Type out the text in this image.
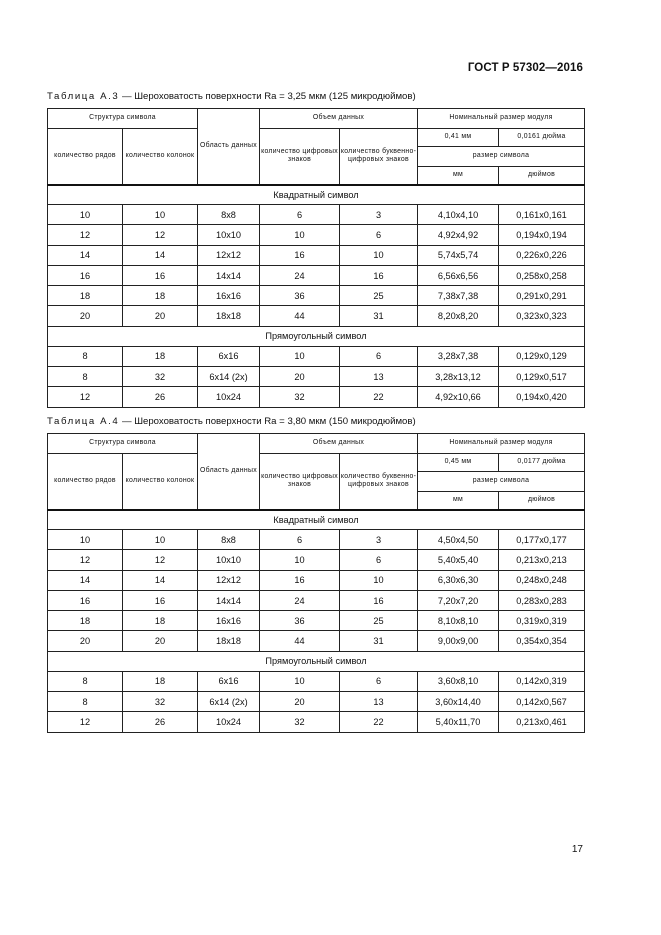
ГОСТ Р 57302—2016
Таблица А.3 — Шероховатость поверхности Ra = 3,25 мкм (125 микродюймов)
Структура символа		Область данных	Объем данных		Номинальный размер модуля	
количество рядов	количество колонок		количество цифровых знаков	количество буквенно-цифровых знаков	0,41 мм	0,0161 дюйма
					размер символа	
					мм	дюймов
Квадратный символ						
10	10	8x8	6	3	4,10x4,10	0,161x0,161
12	12	10x10	10	6	4,92x4,92	0,194x0,194
14	14	12x12	16	10	5,74x5,74	0,226x0,226
16	16	14x14	24	16	6,56x6,56	0,258x0,258
18	18	16x16	36	25	7,38x7,38	0,291x0,291
20	20	18x18	44	31	8,20x8,20	0,323x0,323
Прямоугольный символ						
8	18	6x16	10	6	3,28x7,38	0,129x0,129
8	32	6x14 (2x)	20	13	3,28x13,12	0,129x0,517
12	26	10x24	32	22	4,92x10,66	0,194x0,420
Таблица А.4 — Шероховатость поверхности Ra = 3,80 мкм (150 микродюймов)
Структура символа		Область данных	Объем данных		Номинальный размер модуля	
количество рядов	количество колонок		количество цифровых знаков	количество буквенно-цифровых знаков	0,45 мм	0,0177 дюйма
					размер символа	
					мм	дюймов
Квадратный символ						
10	10	8x8	6	3	4,50x4,50	0,177x0,177
12	12	10x10	10	6	5,40x5,40	0,213x0,213
14	14	12x12	16	10	6,30x6,30	0,248x0,248
16	16	14x14	24	16	7,20x7,20	0,283x0,283
18	18	16x16	36	25	8,10x8,10	0,319x0,319
20	20	18x18	44	31	9,00x9,00	0,354x0,354
Прямоугольный символ						
8	18	6x16	10	6	3,60x8,10	0,142x0,319
8	32	6x14 (2x)	20	13	3,60x14,40	0,142x0,567
12	26	10x24	32	22	5,40x11,70	0,213x0,461
17
